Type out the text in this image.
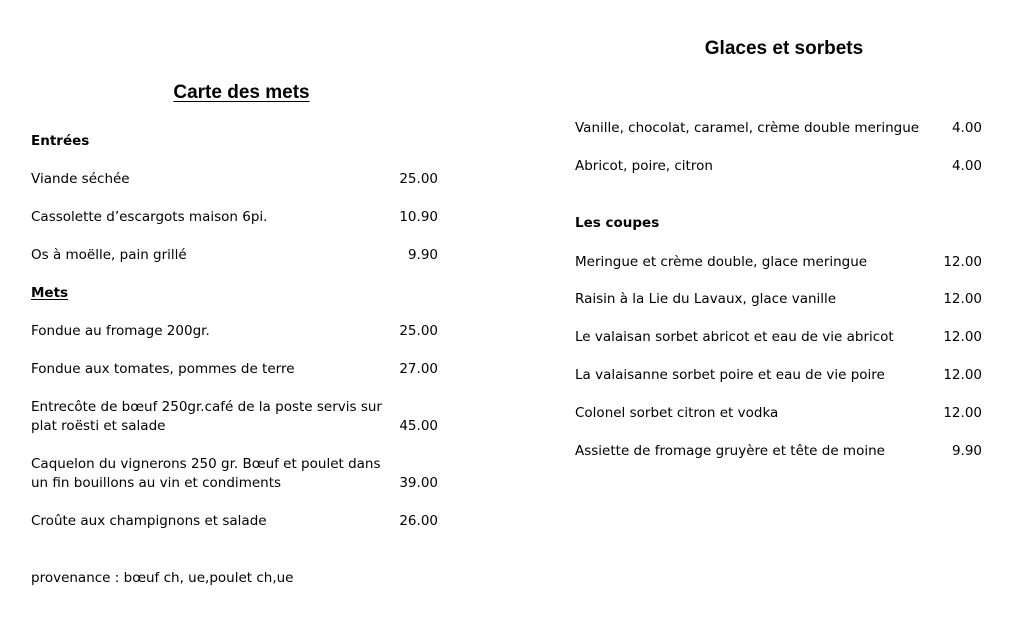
Carte des mets
Entrées
Viande séchée	25.00
Cassolette d’escargots maison 6pi.	10.90
Os à moëlle, pain grillé	9.90
Mets
Fondue au fromage 200gr.	25.00
Fondue aux tomates, pommes de terre	27.00
Entrecôte de bœuf 250gr.café de la poste servis sur plat roësti et salade	45.00
Caquelon du vignerons 250 gr. Bœuf et poulet dans un fin bouillons au vin et condiments	39.00
Croûte aux champignons et salade	26.00
provenance : bœuf ch, ue,poulet ch,ue
Glaces et sorbets
Vanille, chocolat, caramel, crème double meringue	4.00
Abricot, poire, citron	4.00
Les coupes
Meringue et crème double, glace meringue	12.00
Raisin à la Lie du Lavaux, glace vanille	12.00
Le valaisan sorbet abricot et eau de vie abricot	12.00
La valaisanne sorbet poire et eau de vie poire	12.00
Colonel sorbet citron et vodka	12.00
Assiette de fromage gruyère et tête de moine	9.90
